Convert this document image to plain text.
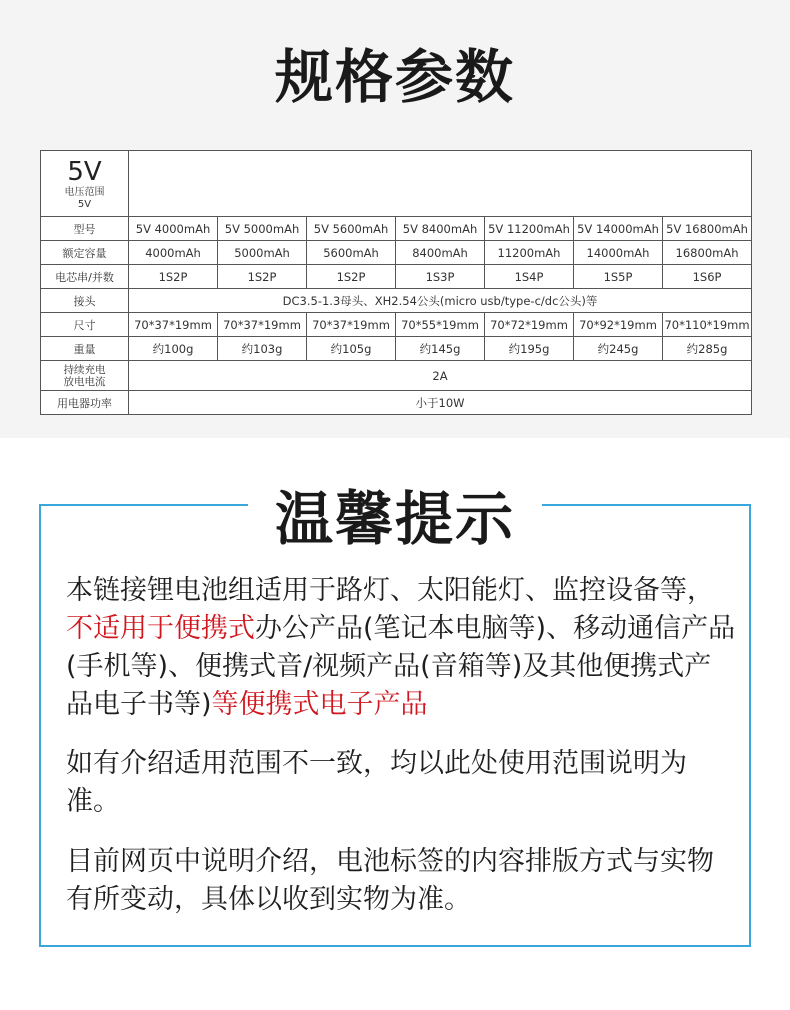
规格参数
5V
电压范围
5V							

型号	5V 4000mAh	5V 5000mAh	5V 5600mAh	5V 8400mAh	5V 11200mAh	5V 14000mAh	5V 16800mAh
额定容量	4000mAh	5000mAh	5600mAh	8400mAh	11200mAh	14000mAh	16800mAh
电芯串/并数	1S2P	1S2P	1S2P	1S3P	1S4P	1S5P	1S6P
接头	DC3.5-1.3母头、XH2.54公头(micro usb/type-c/dc公头)等						
尺寸	70*37*19mm	70*37*19mm	70*37*19mm	70*55*19mm	70*72*19mm	70*92*19mm	70*110*19mm
重量	约100g	约103g	约105g	约145g	约195g	约245g	约285g
持续充电
放电电流	2A						
用电器功率	小于10W						
温馨提示
本链接锂电池组适用于路灯、太阳能灯、监控设备等，不适用于便携式办公产品(笔记本电脑等)、移动通信产品(手机等)、便携式音/视频产品(音箱等)及其他便携式产品电子书等)等便携式电子产品
如有介绍适用范围不一致，均以此处使用范围说明为准。
目前网页中说明介绍，电池标签的内容排版方式与实物有所变动，具体以收到实物为准。
